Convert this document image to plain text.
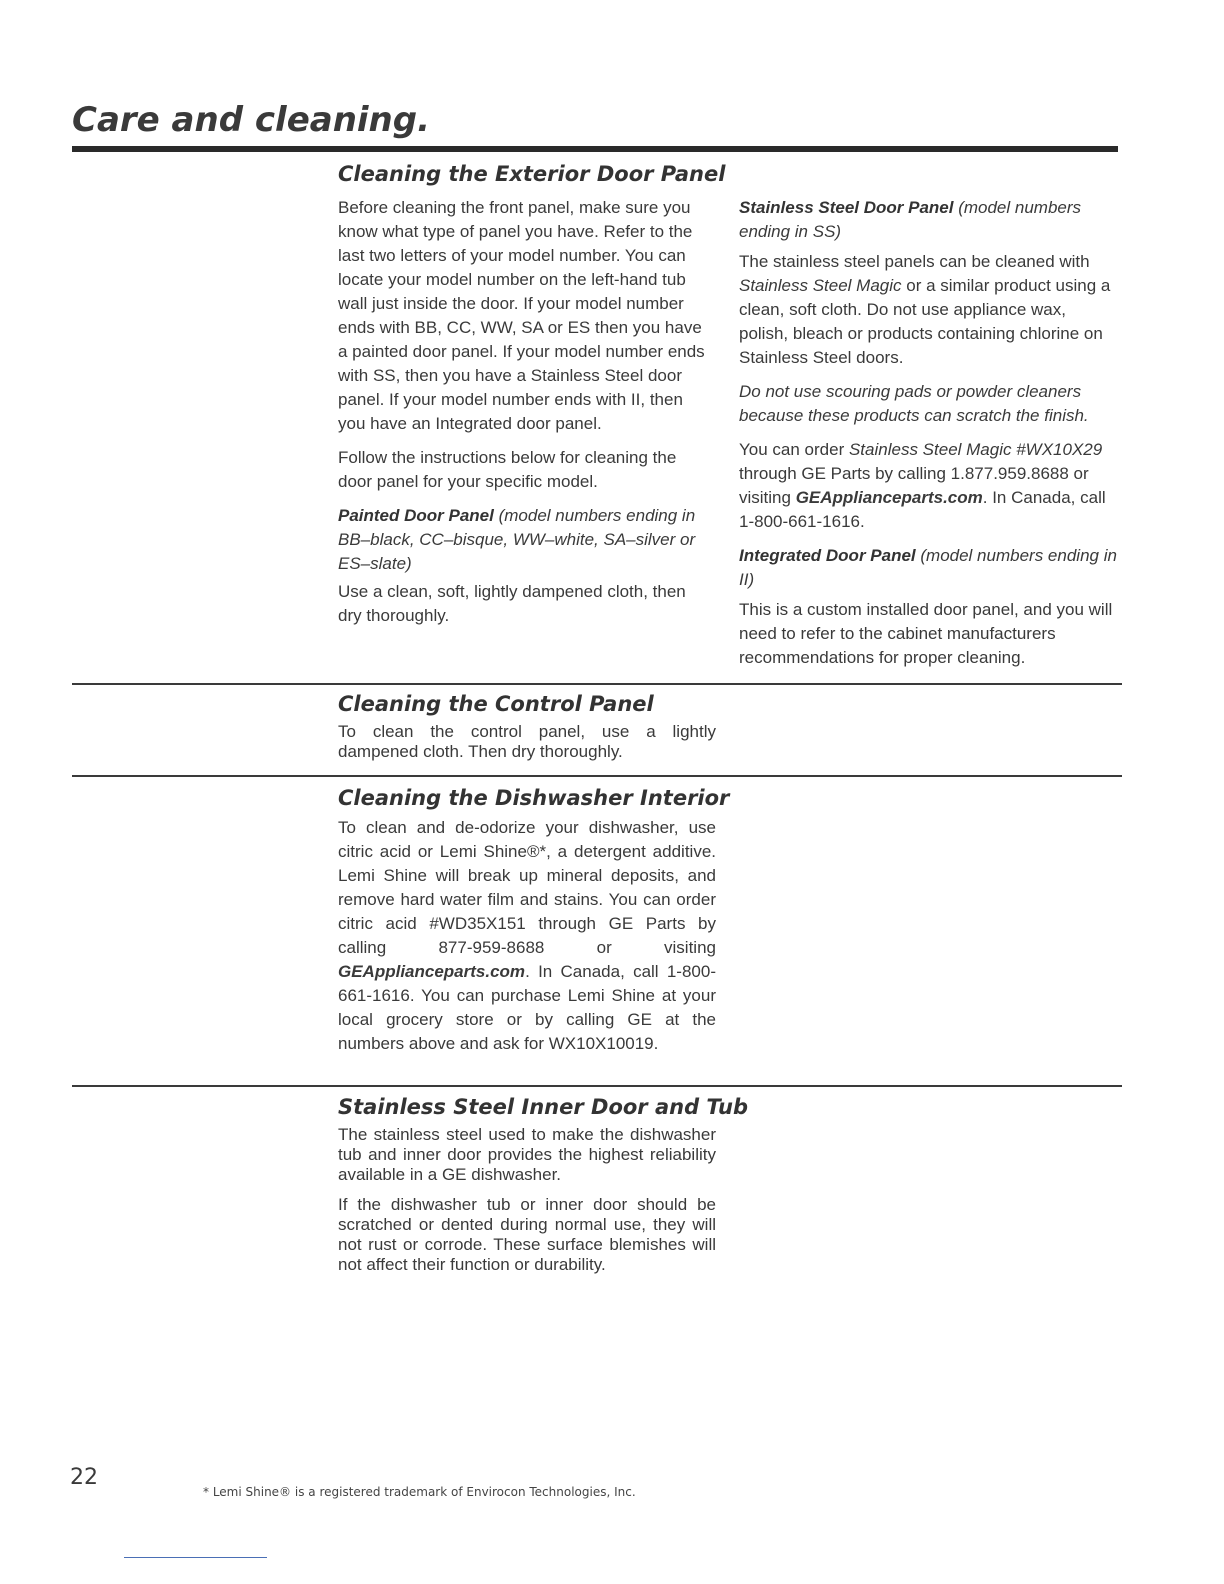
Care and cleaning.
Cleaning the Exterior Door Panel

Before cleaning the front panel, make sure you know what type of panel you have. Refer to the last two letters of your model number. You can locate your model number on the left-hand tub wall just inside the door. If your model number ends with BB, CC, WW, SA or ES then you have a painted door panel. If your model number ends with SS, then you have a Stainless Steel door panel. If your model number ends with II, then you have an Integrated door panel.

Follow the instructions below for cleaning the door panel for your specific model.

Painted Door Panel (model numbers ending in BB–black, CC–bisque, WW–white, SA–silver or ES–slate)

Use a clean, soft, lightly dampened cloth, then dry thoroughly.

Stainless Steel Door Panel (model numbers ending in SS)

The stainless steel panels can be cleaned with Stainless Steel Magic or a similar product using a clean, soft cloth. Do not use appliance wax, polish, bleach or products containing chlorine on Stainless Steel doors.

Do not use scouring pads or powder cleaners because these products can scratch the finish.

You can order Stainless Steel Magic #WX10X29 through GE Parts by calling 1.877.959.8688 or visiting GEApplianceparts.com. In Canada, call 1-800-661-1616.

Integrated Door Panel (model numbers ending in II)

This is a custom installed door panel, and you will need to refer to the cabinet manufacturers recommendations for proper cleaning.

Cleaning the Control Panel

To clean the control panel, use a lightly dampened cloth. Then dry thoroughly.

Cleaning the Dishwasher Interior

To clean and de-odorize your dishwasher, use citric acid or Lemi Shine®*, a detergent additive. Lemi Shine will break up mineral deposits, and remove hard water film and stains. You can order citric acid #WD35X151 through GE Parts by calling 877-959-8688 or visiting GEApplianceparts.com. In Canada, call 1-800-661-1616. You can purchase Lemi Shine at your local grocery store or by calling GE at the numbers above and ask for WX10X10019.

Stainless Steel Inner Door and Tub

The stainless steel used to make the dishwasher tub and inner door provides the highest reliability available in a GE dishwasher.

If the dishwasher tub or inner door should be scratched or dented during normal use, they will not rust or corrode. These surface blemishes will not affect their function or durability.

22
* Lemi Shine® is a registered trademark of Envirocon Technologies, Inc.
